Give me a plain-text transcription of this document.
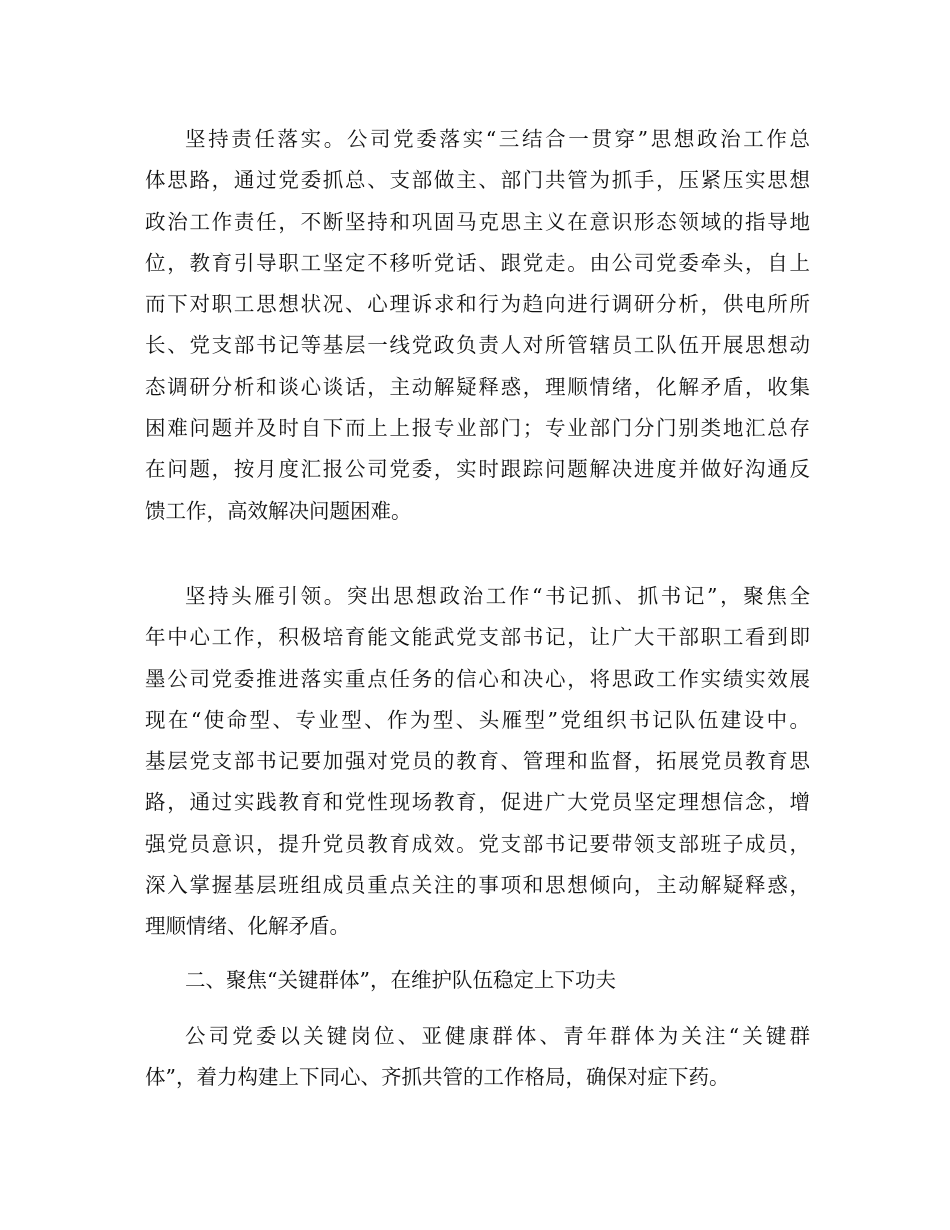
坚持责任落实。公司党委落实“三结合一贯穿”思想政治工作总
体思路，通过党委抓总、支部做主、部门共管为抓手，压紧压实思想
政治工作责任，不断坚持和巩固马克思主义在意识形态领域的指导地
位，教育引导职工坚定不移听党话、跟党走。由公司党委牵头，自上
而下对职工思想状况、心理诉求和行为趋向进行调研分析，供电所所
长、党支部书记等基层一线党政负责人对所管辖员工队伍开展思想动
态调研分析和谈心谈话，主动解疑释惑，理顺情绪，化解矛盾，收集
困难问题并及时自下而上上报专业部门；专业部门分门别类地汇总存
在问题，按月度汇报公司党委，实时跟踪问题解决进度并做好沟通反
馈工作，高效解决问题困难。
坚持头雁引领。突出思想政治工作“书记抓、抓书记”，聚焦全
年中心工作，积极培育能文能武党支部书记，让广大干部职工看到即
墨公司党委推进落实重点任务的信心和决心，将思政工作实绩实效展
现在“使命型、专业型、作为型、头雁型”党组织书记队伍建设中。
基层党支部书记要加强对党员的教育、管理和监督，拓展党员教育思
路，通过实践教育和党性现场教育，促进广大党员坚定理想信念，增
强党员意识，提升党员教育成效。党支部书记要带领支部班子成员，
深入掌握基层班组成员重点关注的事项和思想倾向，主动解疑释惑，
理顺情绪、化解矛盾。
二、聚焦“关键群体”，在维护队伍稳定上下功夫
公司党委以关键岗位、亚健康群体、青年群体为关注“关键群
体”，着力构建上下同心、齐抓共管的工作格局，确保对症下药。
